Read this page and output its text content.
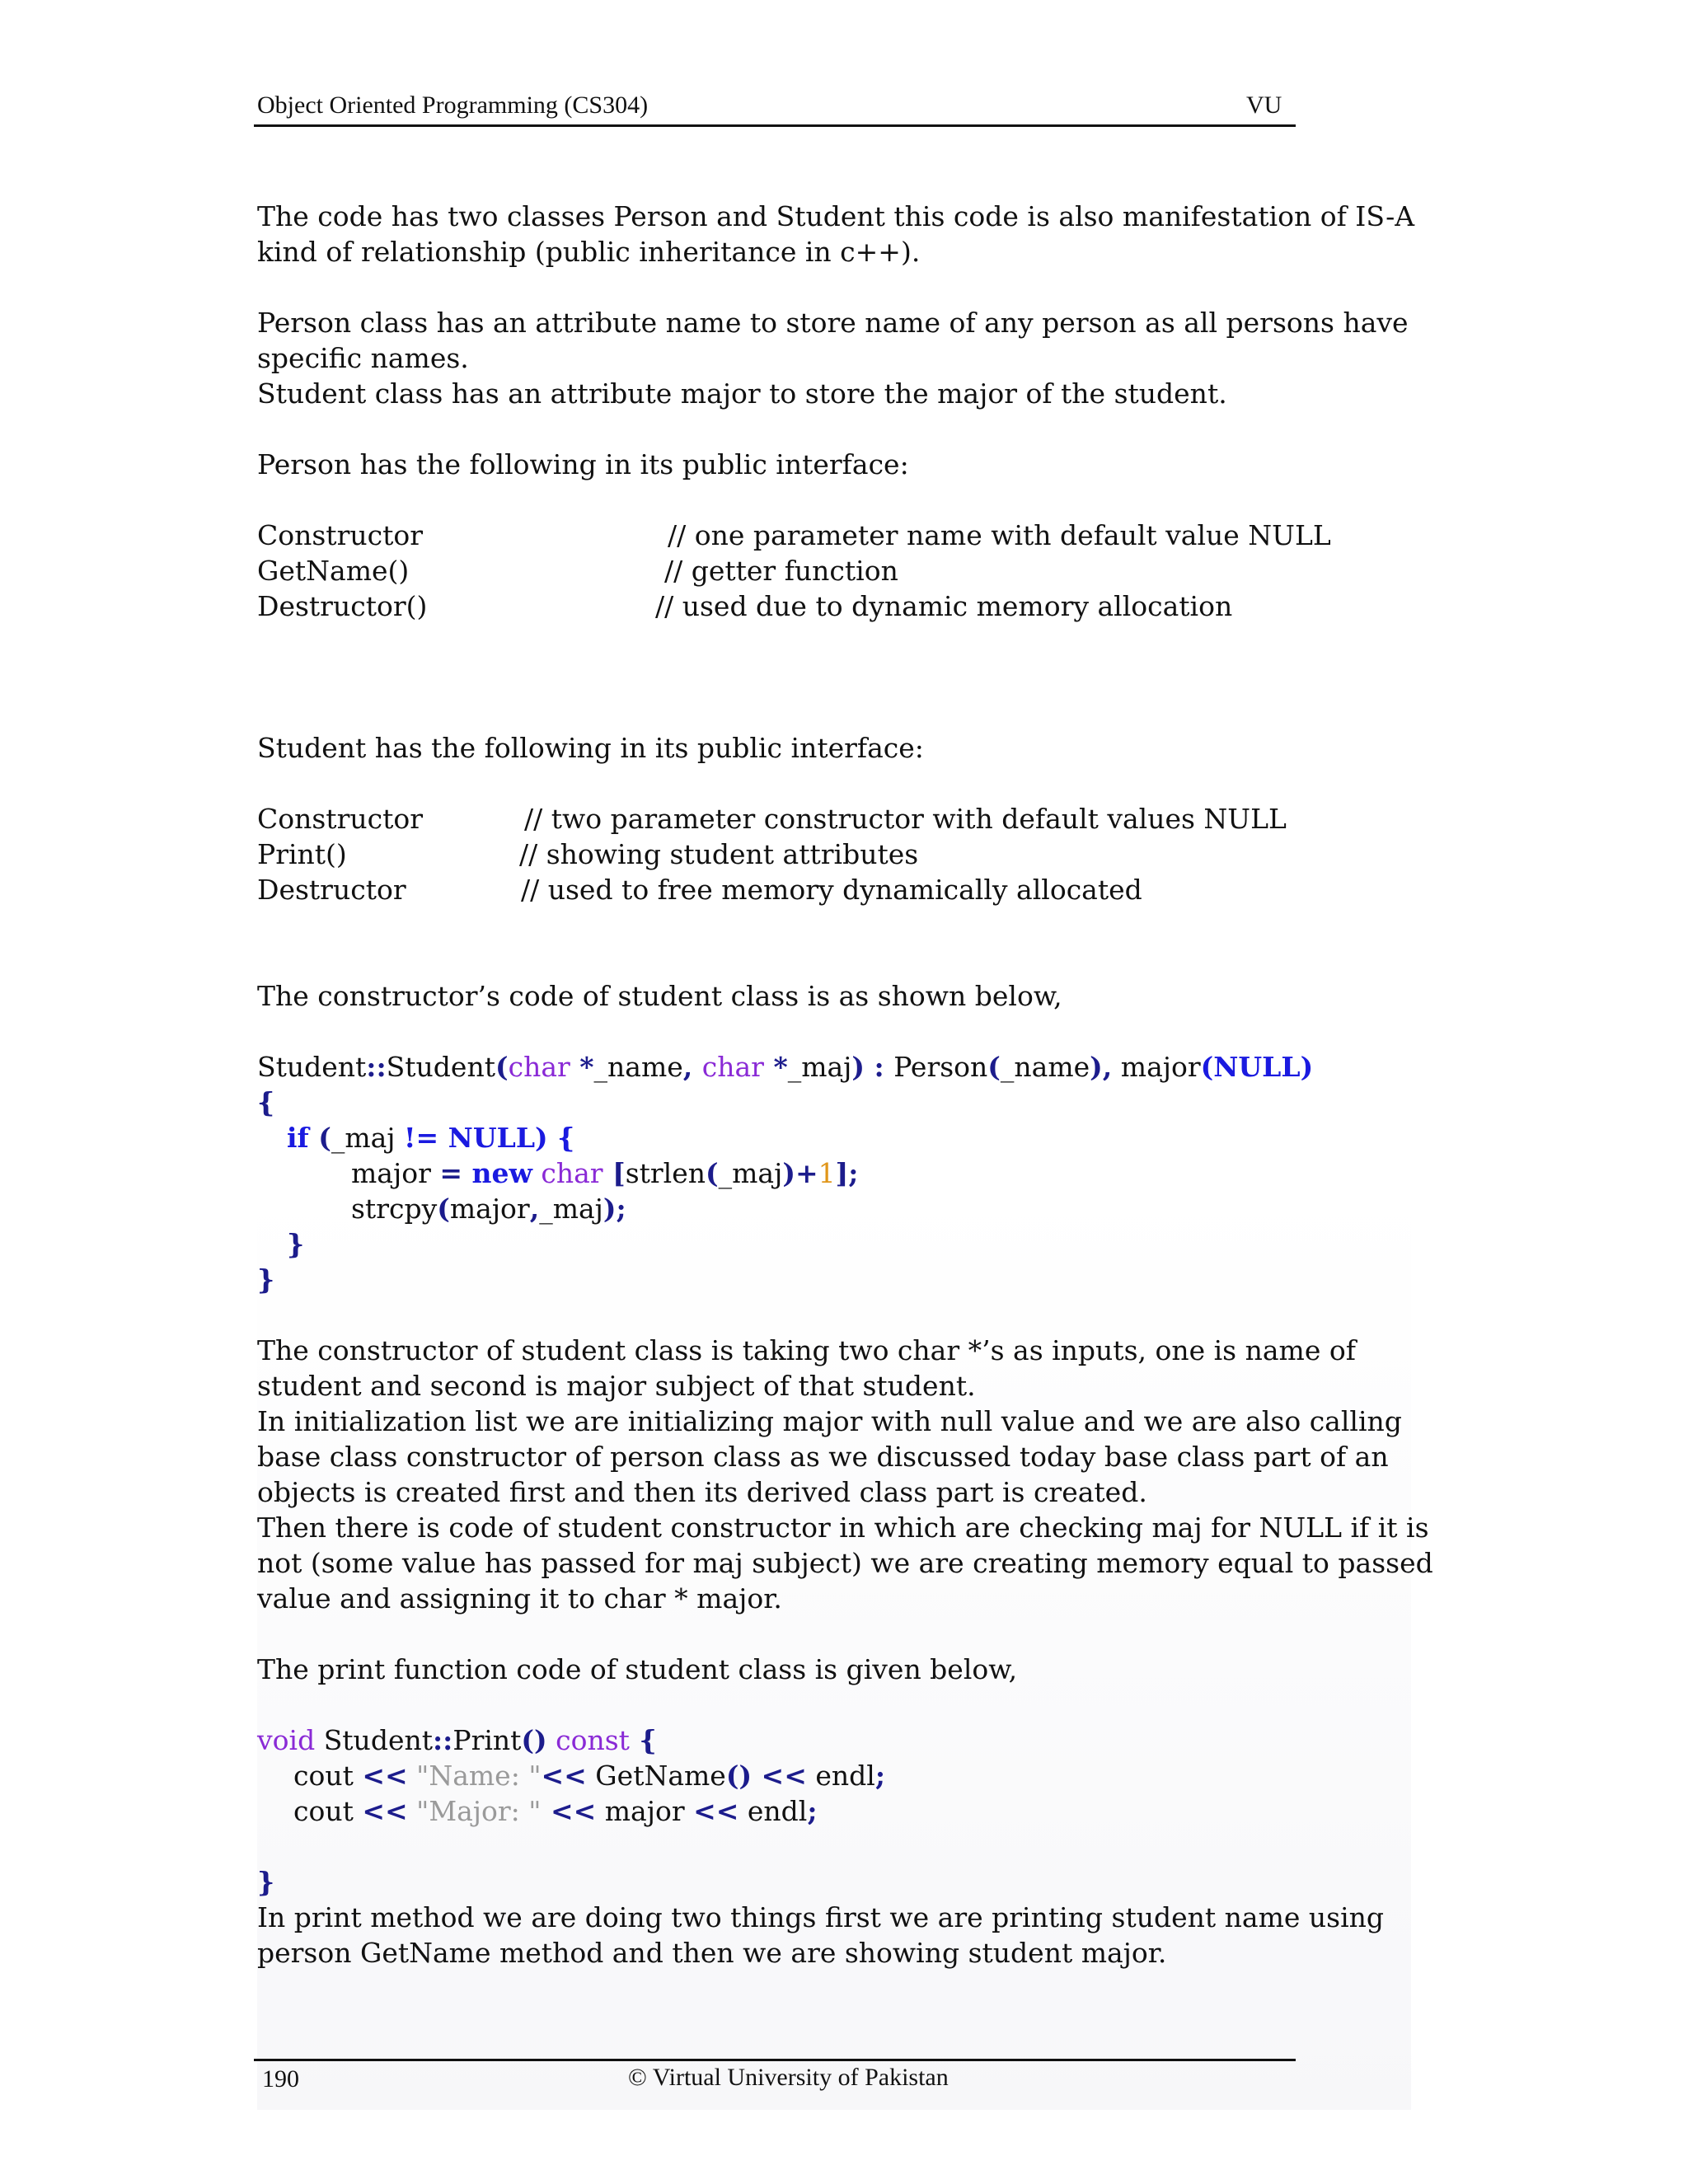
Object Oriented Programming (CS304)	VU
The code has two classes Person and Student this code is also manifestation of IS-A
kind of relationship (public inheritance in c++).
Person class has an attribute name to store name of any person as all persons have
specific names.
Student class has an attribute major to store the major of the student.
Person has the following in its public interface:
Constructor	// one parameter name with default value NULL
GetName()	// getter function
Destructor()	// used due to dynamic memory allocation
Student has the following in its public interface:
Constructor	// two parameter constructor with default values NULL
Print()	// showing student attributes
Destructor	// used to free memory dynamically allocated
The constructor’s code of student class is as shown below,
Student::Student(char *_name, char *_maj) : Person(_name), major(NULL)
{
if (_maj != NULL) {
major = new char [strlen(_maj)+1];
strcpy(major,_maj);
}
}
The constructor of student class is taking two char *’s as inputs, one is name of
student and second is major subject of that student.
In initialization list we are initializing major with null value and we are also calling
base class constructor of person class as we discussed today base class part of an
objects is created first and then its derived class part is created.
Then there is code of student constructor in which are checking maj for NULL if it is
not (some value has passed for maj subject) we are creating memory equal to passed
value and assigning it to char * major.
The print function code of student class is given below,
void Student::Print() const {
cout << "Name: "<< GetName() << endl;
cout << "Major: " << major << endl;
}
In print method we are doing two things first we are printing student name using
person GetName method and then we are showing student major.
190	© Virtual University of Pakistan
